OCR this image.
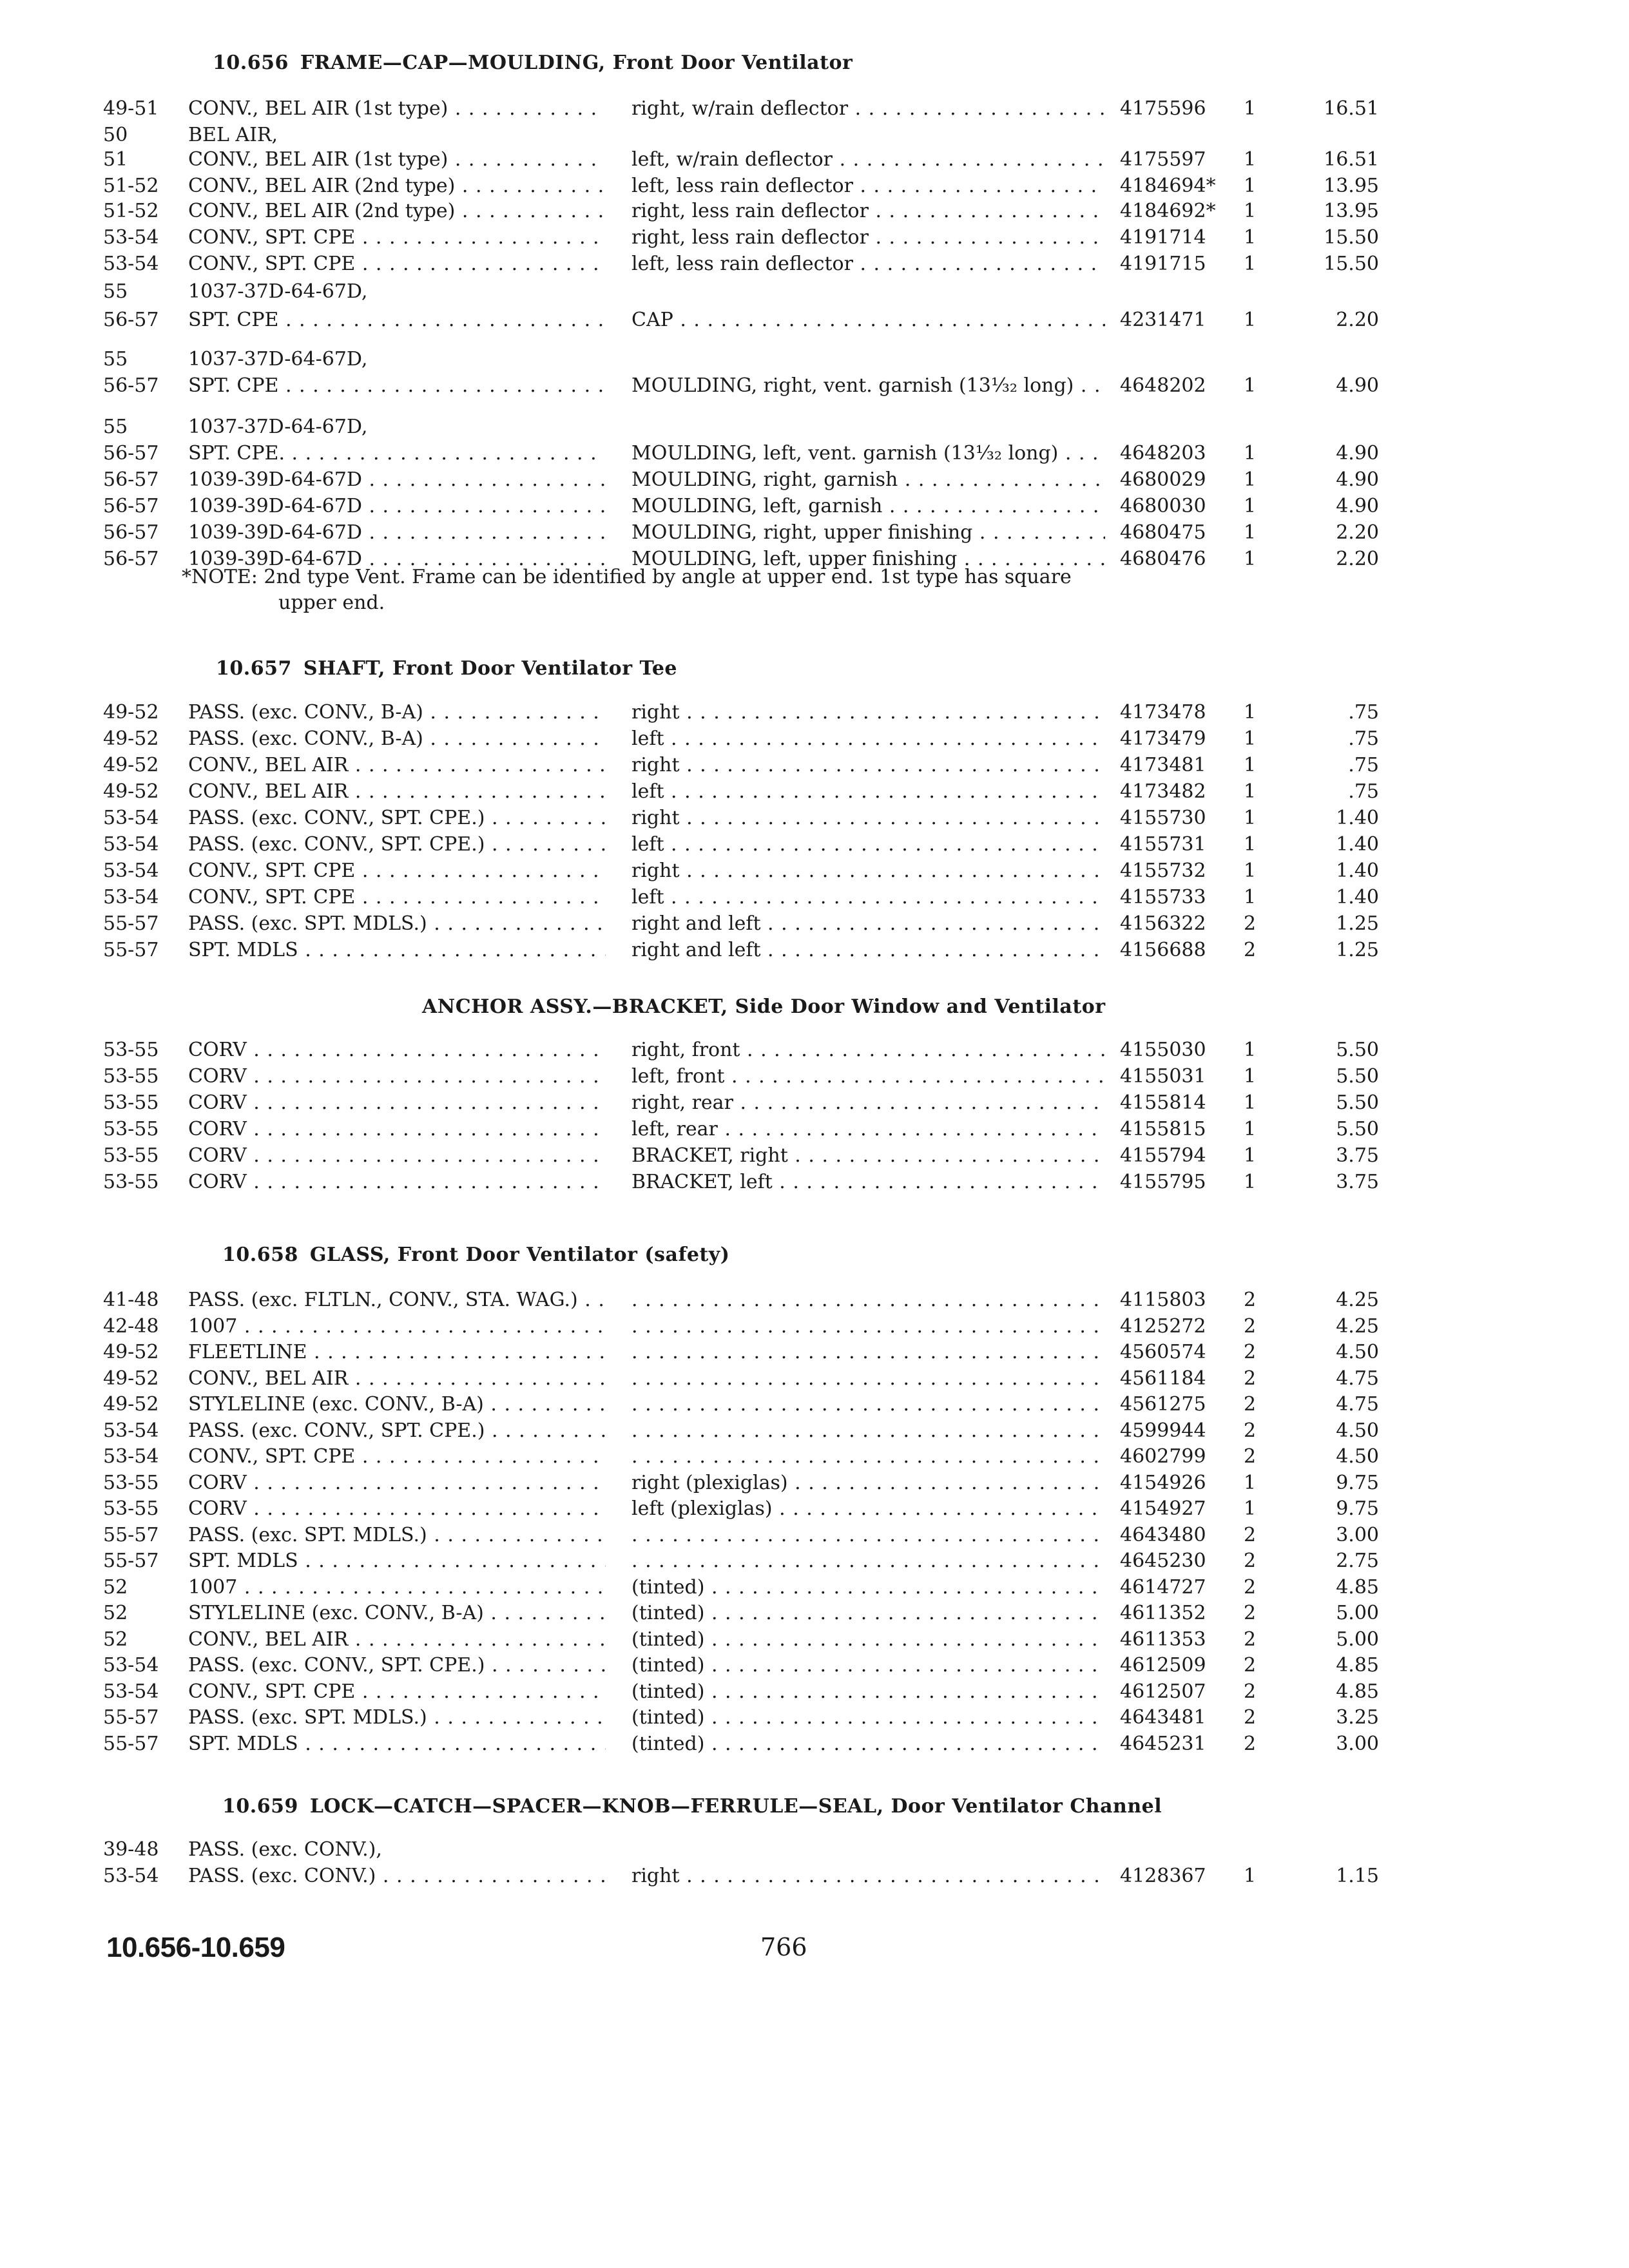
10.656 FRAME—CAP—MOULDING, Front Door Ventilator
49-51	CONV., BEL AIR (1st type) . . .	right, w/rain deflector . . .	4175596	1	16.51
50	BEL AIR,
51	CONV., BEL AIR (1st type) . . .	left, w/rain deflector . . .	4175597	1	16.51
51-52	CONV., BEL AIR (2nd type) . . .	left, less rain deflector . . .	4184694*	1	13.95
51-52	CONV., BEL AIR (2nd type) . . .	right, less rain deflector . . .	4184692*	1	13.95
53-54	CONV., SPT. CPE . . .	right, less rain deflector . . .	4191714	1	15.50
53-54	CONV., SPT. CPE . . .	left, less rain deflector . . .	4191715	1	15.50
55	1037-37D-64-67D,
56-57	SPT. CPE . . .	CAP . . .	4231471	1	2.20
55	1037-37D-64-67D,
56-57	SPT. CPE . . .	MOULDING, right, vent. garnish (13⅟₃₂ long) . . .	4648202	1	4.90
55	1037-37D-64-67D,
56-57	SPT. CPE. . . .	MOULDING, left, vent. garnish (13⅟₃₂ long) . . .	4648203	1	4.90
56-57	1039-39D-64-67D . . .	MOULDING, right, garnish . . .	4680029	1	4.90
56-57	1039-39D-64-67D . . .	MOULDING, left, garnish . . .	4680030	1	4.90
56-57	1039-39D-64-67D . . .	MOULDING, right, upper finishing . . .	4680475	1	2.20
56-57	1039-39D-64-67D . . .	MOULDING, left, upper finishing . . .	4680476	1	2.20
*NOTE: 2nd type Vent. Frame can be identified by angle at upper end. 1st type has square
upper end.
10.657 SHAFT, Front Door Ventilator Tee
49-52	PASS. (exc. CONV., B-A) . . .	right . . .	4173478	1	.75
49-52	PASS. (exc. CONV., B-A) . . .	left . . .	4173479	1	.75
49-52	CONV., BEL AIR . . .	right . . .	4173481	1	.75
49-52	CONV., BEL AIR . . .	left . . .	4173482	1	.75
53-54	PASS. (exc. CONV., SPT. CPE.) . . .	right . . .	4155730	1	1.40
53-54	PASS. (exc. CONV., SPT. CPE.) . . .	left . . .	4155731	1	1.40
53-54	CONV., SPT. CPE . . .	right . . .	4155732	1	1.40
53-54	CONV., SPT. CPE . . .	left . . .	4155733	1	1.40
55-57	PASS. (exc. SPT. MDLS.) . . .	right and left . . .	4156322	2	1.25
55-57	SPT. MDLS . . .	right and left . . .	4156688	2	1.25
ANCHOR ASSY.—BRACKET, Side Door Window and Ventilator
53-55	CORV . . .	right, front . . .	4155030	1	5.50
53-55	CORV . . .	left, front . . .	4155031	1	5.50
53-55	CORV . . .	right, rear . . .	4155814	1	5.50
53-55	CORV . . .	left, rear . . .	4155815	1	5.50
53-55	CORV . . .	BRACKET, right . . .	4155794	1	3.75
53-55	CORV . . .	BRACKET, left . . .	4155795	1	3.75
10.658 GLASS, Front Door Ventilator (safety)
41-48	PASS. (exc. FLTLN., CONV., STA. WAG.) . . . . . .	4115803	2	4.25
42-48	1007 . . . . . .	4125272	2	4.25
49-52	FLEETLINE . . . . . .	4560574	2	4.50
49-52	CONV., BEL AIR . . . . . .	4561184	2	4.75
49-52	STYLELINE (exc. CONV., B-A) . . . . . .	4561275	2	4.75
53-54	PASS. (exc. CONV., SPT. CPE.) . . . . . .	4599944	2	4.50
53-54	CONV., SPT. CPE . . . . . .	4602799	2	4.50
53-55	CORV . . .	right (plexiglas) . . .	4154926	1	9.75
53-55	CORV . . .	left (plexiglas) . . .	4154927	1	9.75
55-57	PASS. (exc. SPT. MDLS.) . . . . . .	4643480	2	3.00
55-57	SPT. MDLS . . . . . .	4645230	2	2.75
52	1007 . . .	(tinted) . . .	4614727	2	4.85
52	STYLELINE (exc. CONV., B-A) . . .	(tinted) . . .	4611352	2	5.00
52	CONV., BEL AIR . . .	(tinted) . . .	4611353	2	5.00
53-54	PASS. (exc. CONV., SPT. CPE.) . . .	(tinted) . . .	4612509	2	4.85
53-54	CONV., SPT. CPE . . .	(tinted) . . .	4612507	2	4.85
55-57	PASS. (exc. SPT. MDLS.) . . .	(tinted) . . .	4643481	2	3.25
55-57	SPT. MDLS . . .	(tinted) . . .	4645231	2	3.00
10.659 LOCK—CATCH—SPACER—KNOB—FERRULE—SEAL, Door Ventilator Channel
39-48	PASS. (exc. CONV.),
53-54	PASS. (exc. CONV.) . . .	right . . .	4128367	1	1.15
10.656-10.659	766
